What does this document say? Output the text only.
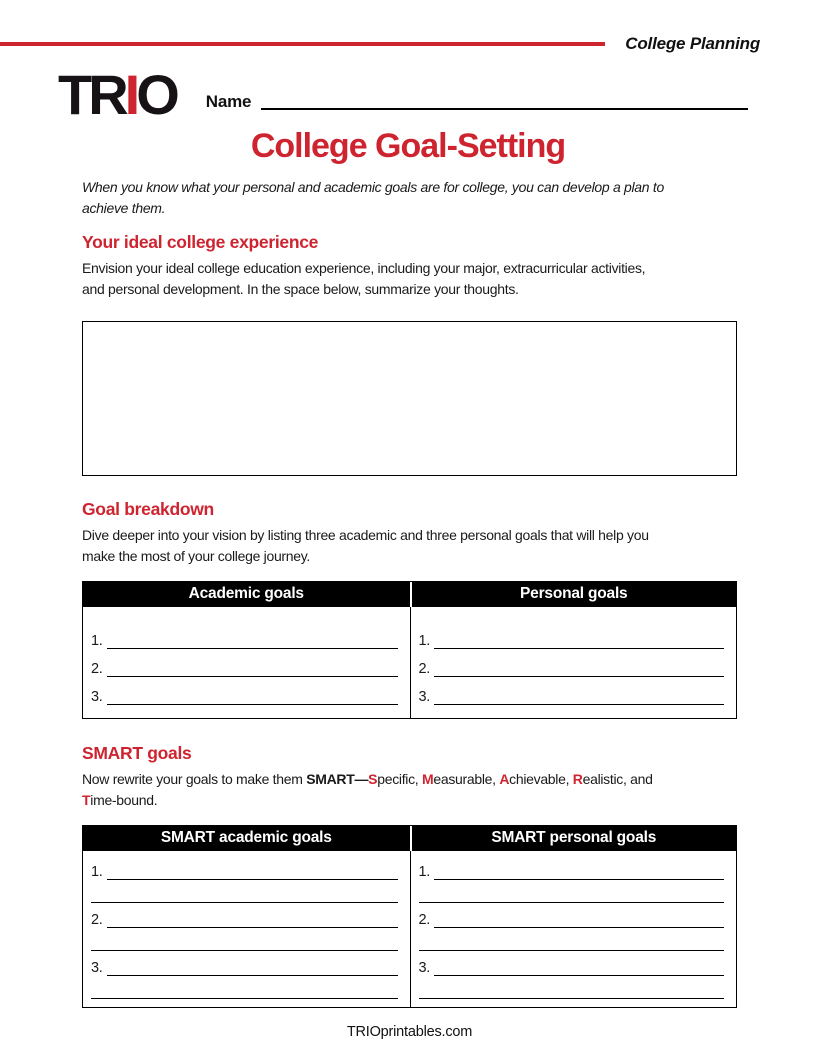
College Planning
TRIO Name
College Goal-Setting

When you know what your personal and academic goals are for college, you can develop a plan to
achieve them.

Your ideal college experience

Envision your ideal college education experience, including your major, extracurricular activities,
and personal development. In the space below, summarize your thoughts.

Goal breakdown

Dive deeper into your vision by listing three academic and three personal goals that will help you
make the most of your college journey.

Academic goals	Personal goals
1.
2.
3.
1.
2.
3.
SMART goals

Now rewrite your goals to make them SMART—Specific, Measurable, Achievable, Realistic, and
Time-bound.

SMART academic goals	SMART personal goals
1.
2.
3.
1.
2.
3.
TRIOprintables.com
